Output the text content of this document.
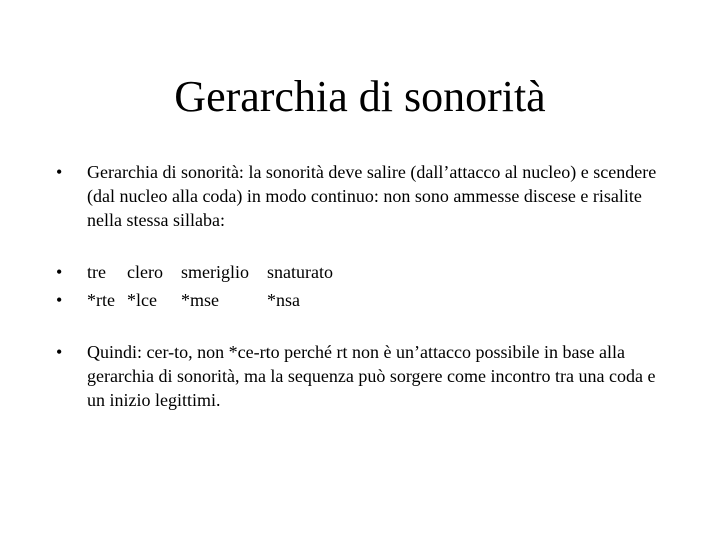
Gerarchia di sonorità
•	Gerarchia di sonorità: la sonorità deve salire (dall’attacco al nucleo) e scendere (dal nucleo alla coda) in modo continuo: non sono ammesse discese e risalite nella stessa sillaba:
•	tre clero smeriglio snaturato
•	*rte *lce *mse	*nsa
•	Quindi: cer-to, non *ce-rto perché rt non è un’attacco possibile in base alla gerarchia di sonorità, ma la sequenza può sorgere come incontro tra una coda e un inizio legittimi.
